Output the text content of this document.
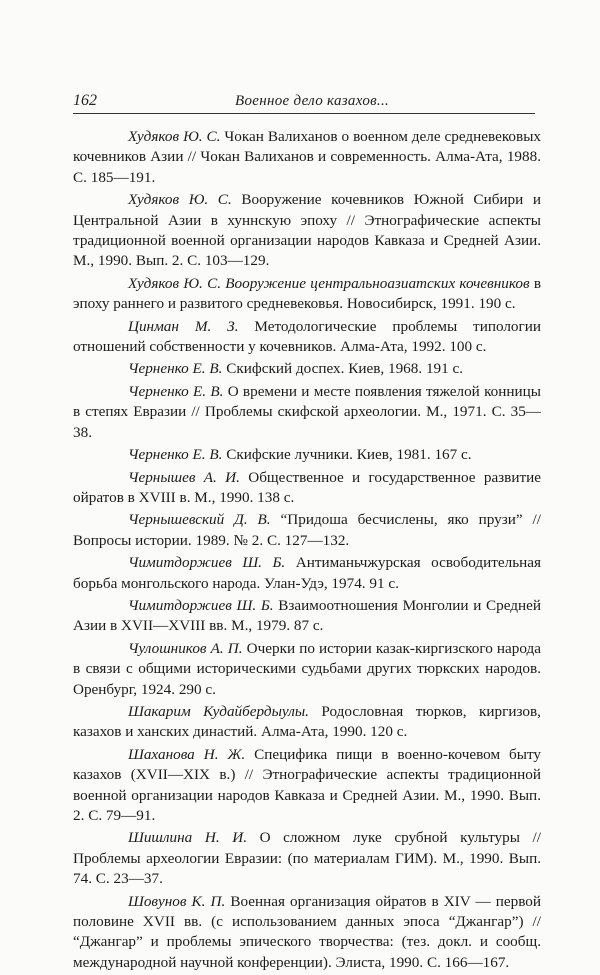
162	Военное дело казахов...

Худяков Ю. С. Чокан Валиханов о военном деле средневековых кочевников Азии // Чокан Валиханов и современность. Алма-Ата, 1988. С. 185—191.

Худяков Ю. С. Вооружение кочевников Южной Сибири и Центральной Азии в хуннскую эпоху // Этнографические аспекты традиционной военной организации народов Кавказа и Средней Азии. М., 1990. Вып. 2. С. 103—129.

Худяков Ю. С. Вооружение центральноазиатских кочевников в эпоху раннего и развитого средневековья. Новосибирск, 1991. 190 с.

Цинман М. З. Методологические проблемы типологии отношений собственности у кочевников. Алма-Ата, 1992. 100 с.

Черненко Е. В. Скифский доспех. Киев, 1968. 191 с.

Черненко Е. В. О времени и месте появления тяжелой конницы в степях Евразии // Проблемы скифской археологии. М., 1971. С. 35—38.

Черненко Е. В. Скифские лучники. Киев, 1981. 167 с.

Чернышев А. И. Общественное и государственное развитие ойратов в XVIII в. М., 1990. 138 с.

Чернышевский Д. В. “Придоша бесчислены, яко прузи” // Вопросы истории. 1989. № 2. С. 127—132.

Чимитдоржиев Ш. Б. Антиманьчжурская освободительная борьба монгольского народа. Улан-Удэ, 1974. 91 с.

Чимитдоржиев Ш. Б. Взаимоотношения Монголии и Средней Азии в XVII—XVIII вв. М., 1979. 87 с.

Чулошников А. П. Очерки по истории казак-киргизского народа в связи с общими историческими судьбами других тюркских народов. Оренбург, 1924. 290 с.

Шакарим Кудайбердыулы. Родословная тюрков, киргизов, казахов и ханских династий. Алма-Ата, 1990. 120 с.

Шаханова Н. Ж. Специфика пищи в военно-кочевом быту казахов (XVII—XIX в.) // Этнографические аспекты традиционной военной организации народов Кавказа и Средней Азии. М., 1990. Вып. 2. С. 79—91.

Шишлина Н. И. О сложном луке срубной культуры // Проблемы археологии Евразии: (по материалам ГИМ). М., 1990. Вып. 74. С. 23—37.

Шовунов К. П. Военная организация ойратов в XIV — первой половине XVII вв. (с использованием данных эпоса “Джангар”) // “Джангар” и проблемы эпического творчества: (тез. докл. и сообщ. международной научной конференции). Элиста, 1990. С. 166—167.
